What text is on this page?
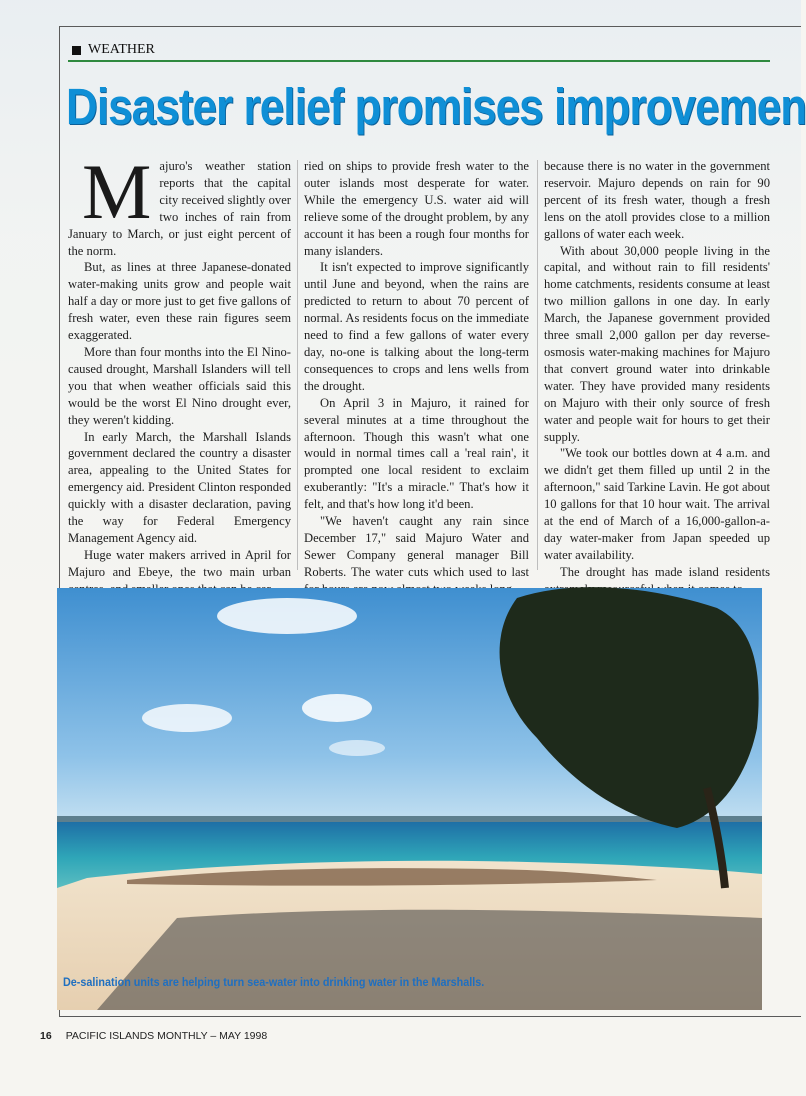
WEATHER
Disaster relief promises improvemen

Majuro's weather station reports that the capital city received slightly over two inches of rain from January to March, or just eight percent of the norm.

But, as lines at three Japanese-donated water-making units grow and people wait half a day or more just to get five gallons of fresh water, even these rain figures seem exaggerated.

More than four months into the El Nino-caused drought, Marshall Islanders will tell you that when weather officials said this would be the worst El Nino drought ever, they weren't kidding.

In early March, the Marshall Islands government declared the country a disaster area, appealing to the United States for emergency aid. President Clinton responded quickly with a disaster declaration, paving the way for Federal Emergency Management Agency aid.

Huge water makers arrived in April for Majuro and Ebeye, the two main urban

ried on ships to provide fresh water to the outer islands most desperate for water. While the emergency U.S. water aid will relieve some of the drought problem, by any account it has been a rough four months for many islanders.

It isn't expected to improve significantly until June and beyond, when the rains are predicted to return to about 70 percent of normal. As residents focus on the immediate need to find a few gallons of water every day, no-one is talking about the long-term consequences to crops and lens wells from the drought.

On April 3 in Majuro, it rained for several minutes at a time throughout the afternoon. Though this wasn't what one would in normal times call a 'real rain', it prompted one local resident to exclaim exuberantly: "It's a miracle." That's how it felt, and that's how long it'd been.

"We haven't caught any rain since December 17," said Majuro Water and Sewer Company general manager Bill Roberts. The water cuts which used to last

because there is no water in the government reservoir. Majuro depends on rain for 90 percent of its fresh water, though a fresh lens on the atoll provides close to a million gallons of water each week.

With about 30,000 people living in the capital, and without rain to fill residents' home catchments, residents consume at least two million gallons in one day. In early March, the Japanese government provided three small 2,000 gallon per day reverse-osmosis water-making machines for Majuro that convert ground water into drinkable water. They have provided many residents on Majuro with their only source of fresh water and people wait for hours to get their supply.

"We took our bottles down at 4 a.m. and we didn't get them filled up until 2 in the afternoon," said Tarkine Lavin. He got about 10 gallons for that 10 hour wait. The arrival at the end of March of a 16,000-gallon-a-day water-maker from Japan speeded up water availability.

The drought has made island residents

De-salination units are helping turn sea-water into drinking water in the Marshalls.
16 PACIFIC ISLANDS MONTHLY – MAY 1998
